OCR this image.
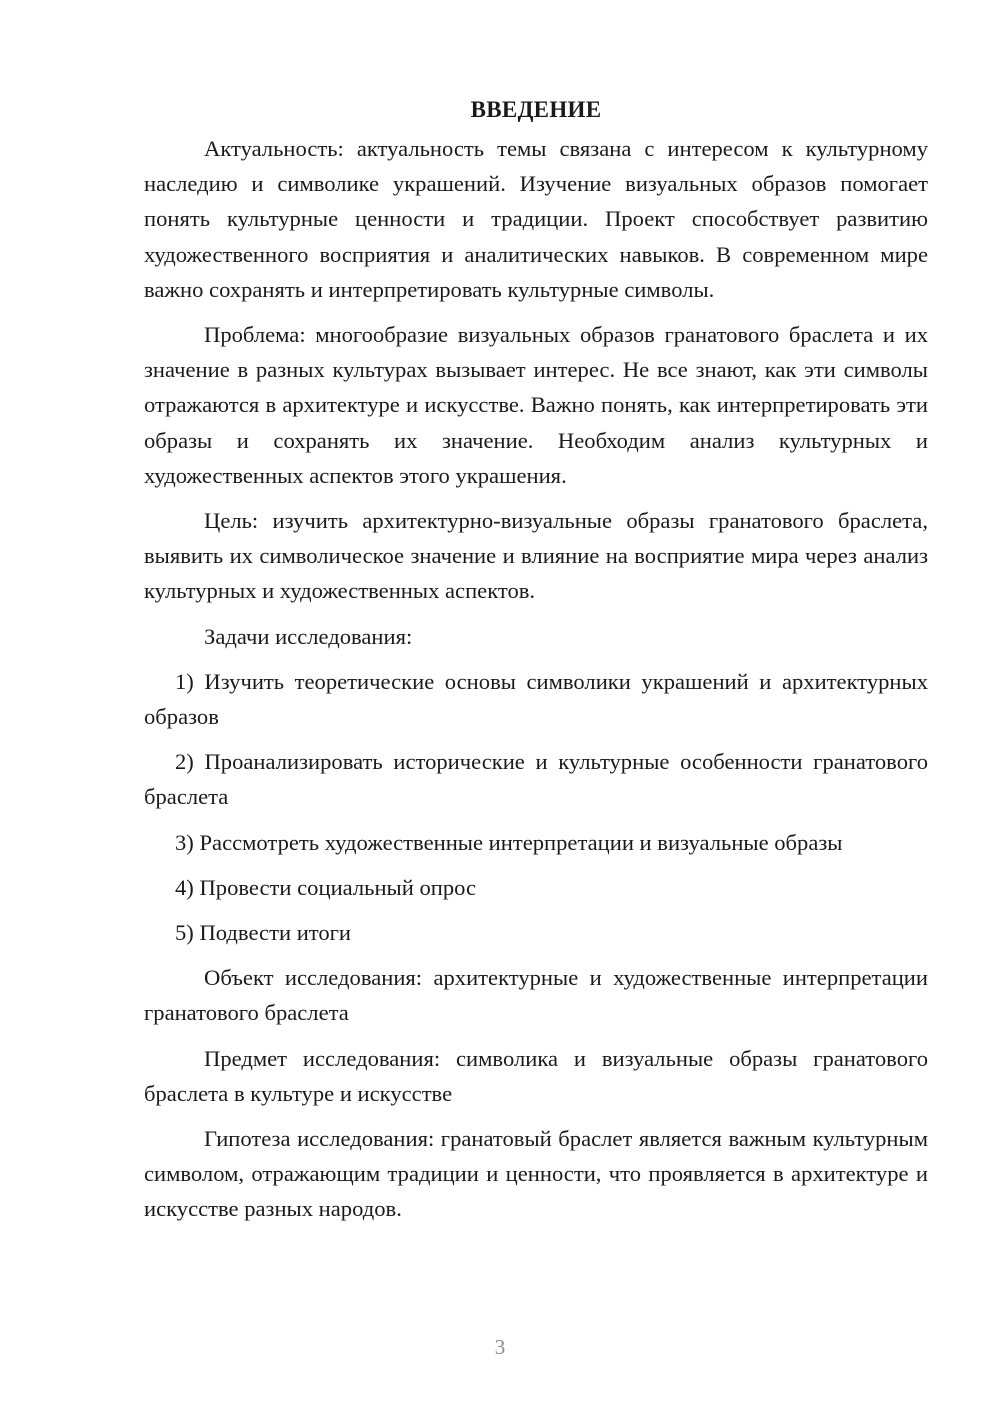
ВВЕДЕНИЕ

Актуальность: актуальность темы связана с интересом к культурному наследию и символике украшений. Изучение визуальных образов помогает понять культурные ценности и традиции. Проект способствует развитию художественного восприятия и аналитических навыков. В современном мире важно сохранять и интерпретировать культурные символы.

Проблема: многообразие визуальных образов гранатового браслета и их значение в разных культурах вызывает интерес. Не все знают, как эти символы отражаются в архитектуре и искусстве. Важно понять, как интерпретировать эти образы и сохранять их значение. Необходим анализ культурных и художественных аспектов этого украшения.

Цель: изучить архитектурно-визуальные образы гранатового браслета, выявить их символическое значение и влияние на восприятие мира через анализ культурных и художественных аспектов.

Задачи исследования:

1) Изучить теоретические основы символики украшений и архитектурных образов

2) Проанализировать исторические и культурные особенности гранатового браслета

3) Рассмотреть художественные интерпретации и визуальные образы

4) Провести социальный опрос

5) Подвести итоги

Объект исследования: архитектурные и художественные интерпретации гранатового браслета

Предмет исследования: символика и визуальные образы гранатового браслета в культуре и искусстве

Гипотеза исследования: гранатовый браслет является важным культурным символом, отражающим традиции и ценности, что проявляется в архитектуре и искусстве разных народов.

3
